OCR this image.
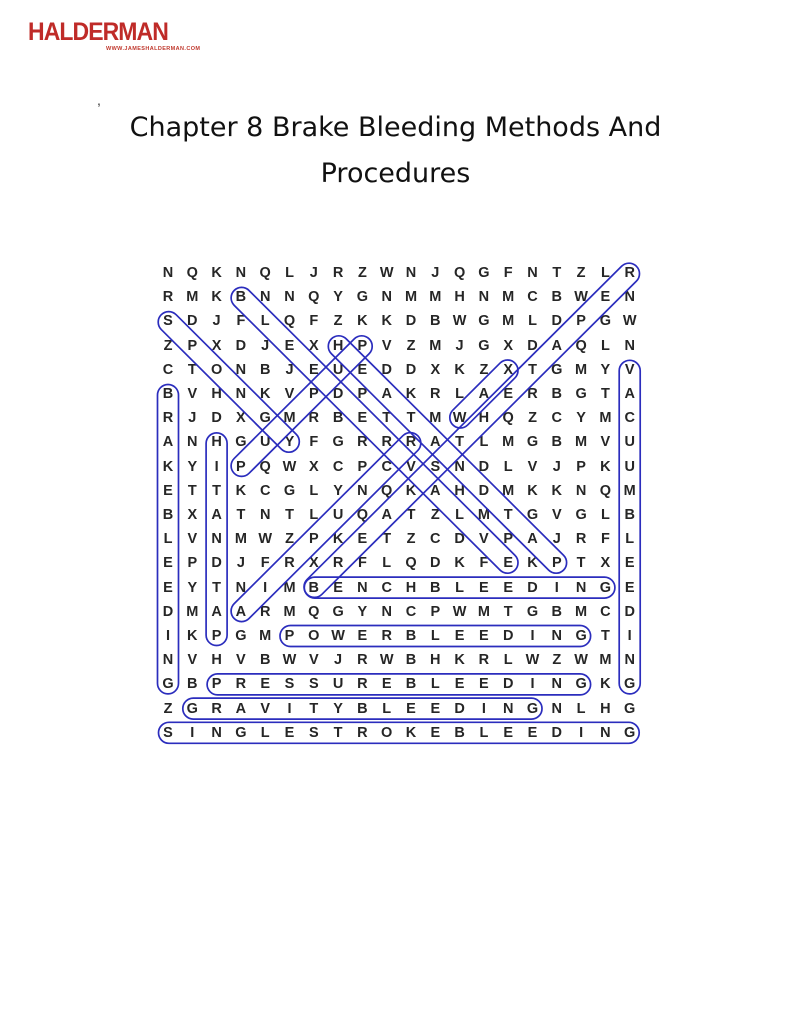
HALDERMAN
WWW.JAMESHALDERMAN.COM
,
Chapter 8 Brake Bleeding Methods And
Procedures
N Q K N Q L	J	R	Z W N	J	Q G F	N	T	Z	L	R
R M K B N N Q Y G N M M H N M C B W E N
S D	J	F	L Q F	Z	K K D B W G M L	D P G W
Z	P	X D	J	E	X H P	V	Z M J	G X D A Q L	N
C	T O N B	J	E U E D D X K	Z	X	T G M Y	V
B V H N K V	P D P A K R	L	A E R B G T	A
R	J	D X G M R B E	T	T M W H Q Z	C Y M C
A N H G U Y	F G R R R A	T	L M G B M V U
K Y	I	P Q W X C P C V	S N D	L	V	J	P K U
E	T	T	K C G L	Y N Q K A H D M K K N Q M
B X A	T	N	T	L	U Q A	T	Z	L M T G V G L	B
L	V N M W Z	P K E	T	Z	C D V	P A	J	R	F	L
E	P D	J	F	R X R	F	L Q D K	F	E K P	T	X	E
E	Y	T	N	I	M B E N C H B	L	E	E D	I	N G E
D M A A R M Q G Y N C P W M T G B M C D
I	K P G M P O W E R B	L	E	E D	I	N G T	I
N V H V B W V	J	R W B H K R	L W Z W M N
G B P R E	S	S U R E B	L	E	E D	I	N G K G
Z G R A V	I	T	Y B	L	E	E D	I	N G N	L	H G
S	I	N G L	E	S	T	R O K E B	L	E	E D	I	N G
